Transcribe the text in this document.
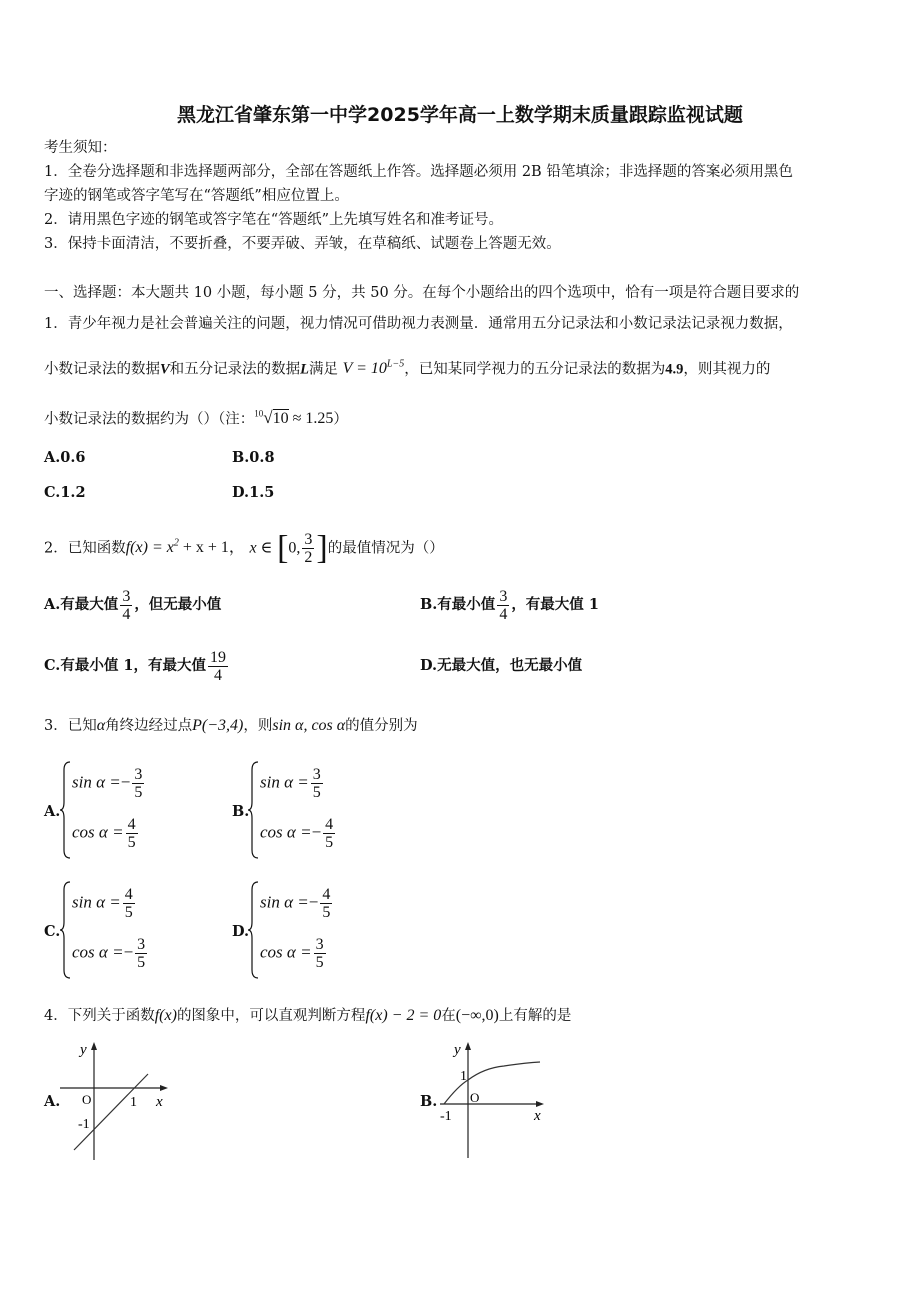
黑龙江省肇东第一中学2025学年高一上数学期末质量跟踪监视试题
考生须知：
1．全卷分选择题和非选择题两部分，全部在答题纸上作答。选择题必须用 2B 铅笔填涂；非选择题的答案必须用黑色
字迹的钢笔或答字笔写在“答题纸”相应位置上。
2．请用黑色字迹的钢笔或答字笔在“答题纸”上先填写姓名和准考证号。
3．保持卡面清洁，不要折叠，不要弄破、弄皱，在草稿纸、试题卷上答题无效。
一、选择题：本大题共 10 小题，每小题 5 分，共 50 分。在每个小题给出的四个选项中，恰有一项是符合题目要求的
1．青少年视力是社会普遍关注的问题，视力情况可借助视力表测量．通常用五分记录法和小数记录法记录视力数据，
小数记录法的数据V和五分记录法的数据L满足 $V = 10^{L-5}$，已知某同学视力的五分记录法的数据为4.9，则其视力的
小数记录法的数据约为（）（注：$^{10}$√10 ≈ 1.25）
A.0.6	B.0.8
C.1.2	D.1.5
2．已知函数$f(x) = x^2 + x + 1$， x ∈ [0, $\frac{3}{2}$ ]的最值情况为（）
A.有最大值 $\frac{3}{4}$ ，但无最小值	B.有最小值 $\frac{3}{4}$ ，有最大值 1
C.有最小值 1，有最大值 $\frac{19}{4}$	D.无最大值，也无最小值
3．已知α角终边经过点P(−3,4)，则sin α, cos α的值分别为
A.
$\sin \alpha =- \frac{3}{5}$
$\cos \alpha = \frac{4}{5}$
B.
$\sin \alpha = \frac{3}{5}$
$\cos \alpha =- \frac{4}{5}$
C.
$\sin \alpha = \frac{4}{5}$
$\cos \alpha =- \frac{3}{5}$
D.
$\sin \alpha =- \frac{4}{5}$
$\cos \alpha = \frac{3}{5}$
4．下列关于函数f(x)的图象中，可以直观判断方程f(x) − 2 = 0在(−∞,0)上有解的是
A.
y
x
O	1
-1
B.
y
x
O
1
-1
